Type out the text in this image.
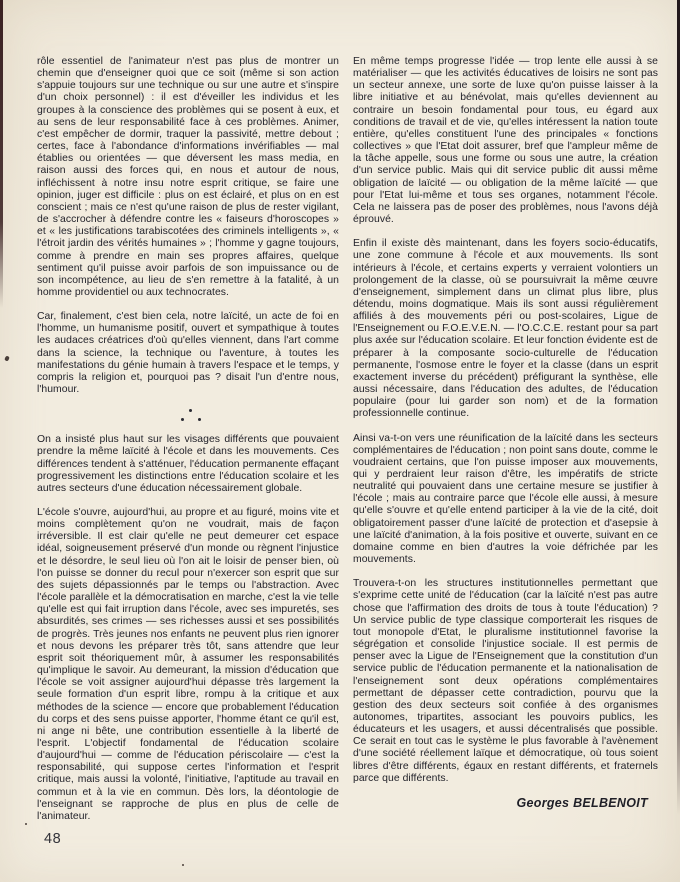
rôle essentiel de l'animateur n'est pas plus de montrer un chemin que d'enseigner quoi que ce soit (même si son action s'appuie toujours sur une technique ou sur une autre et s'inspire d'un choix personnel) : il est d'éveiller les individus et les groupes à la conscience des problèmes qui se posent à eux, et au sens de leur responsabilité face à ces problèmes. Animer, c'est empêcher de dormir, traquer la passivité, mettre debout ; certes, face à l'abondance d'informations invérifiables — mal établies ou orientées — que déversent les mass media, en raison aussi des forces qui, en nous et autour de nous, infléchissent à notre insu notre esprit critique, se faire une opinion, juger est difficile : plus on est éclairé, et plus on en est conscient ; mais ce n'est qu'une raison de plus de rester vigilant, de s'accrocher à défendre contre les « faiseurs d'horoscopes » et « les justifications tarabiscotées des criminels intelligents », « l'étroit jardin des vérités humaines » ; l'homme y gagne toujours, comme à prendre en main ses propres affaires, quelque sentiment qu'il puisse avoir parfois de son impuissance ou de son incompétence, au lieu de s'en remettre à la fatalité, à un homme providentiel ou aux technocrates.

Car, finalement, c'est bien cela, notre laïcité, un acte de foi en l'homme, un humanisme positif, ouvert et sympathique à toutes les audaces créatrices d'où qu'elles viennent, dans l'art comme dans la science, la technique ou l'aventure, à toutes les manifestations du génie humain à travers l'espace et le temps, y compris la religion et, pourquoi pas ? disait l'un d'entre nous, l'humour.

On a insisté plus haut sur les visages différents que pouvaient prendre la même laïcité à l'école et dans les mouvements. Ces différences tendent à s'atténuer, l'éducation permanente effaçant progressivement les distinctions entre l'éducation scolaire et les autres secteurs d'une éducation nécessairement globale.

L'école s'ouvre, aujourd'hui, au propre et au figuré, moins vite et moins complètement qu'on ne voudrait, mais de façon irréversible. Il est clair qu'elle ne peut demeurer cet espace idéal, soigneusement préservé d'un monde ou règnent l'injustice et le désordre, le seul lieu où l'on ait le loisir de penser bien, où l'on puisse se donner du recul pour n'exercer son esprit que sur des sujets dépassionnés par le temps ou l'abstraction. Avec l'école parallèle et la démocratisation en marche, c'est la vie telle qu'elle est qui fait irruption dans l'école, avec ses impuretés, ses absurdités, ses crimes — ses richesses aussi et ses possibilités de progrès. Très jeunes nos enfants ne peuvent plus rien ignorer et nous devons les préparer très tôt, sans attendre que leur esprit soit théoriquement mûr, à assumer les responsabilités qu'implique le savoir. Au demeurant, la mission d'éducation que l'école se voit assigner aujourd'hui dépasse très largement la seule formation d'un esprit libre, rompu à la critique et aux méthodes de la science — encore que probablement l'éducation du corps et des sens puisse apporter, l'homme étant ce qu'il est, ni ange ni bête, une contribution essentielle à la liberté de l'esprit. L'objectif fondamental de l'éducation scolaire d'aujourd'hui — comme de l'éducation périscolaire — c'est la responsabilité, qui suppose certes l'information et l'esprit critique, mais aussi la volonté, l'initiative, l'aptitude au travail en commun et à la vie en commun. Dès lors, la déontologie de l'enseignant se rapproche de plus en plus de celle de l'animateur.

En même temps progresse l'idée — trop lente elle aussi à se matérialiser — que les activités éducatives de loisirs ne sont pas un secteur annexe, une sorte de luxe qu'on puisse laisser à la libre initiative et au bénévolat, mais qu'elles deviennent au contraire un besoin fondamental pour tous, eu égard aux conditions de travail et de vie, qu'elles intéressent la nation toute entière, qu'elles constituent l'une des principales « fonctions collectives » que l'Etat doit assurer, bref que l'ampleur même de la tâche appelle, sous une forme ou sous une autre, la création d'un service public. Mais qui dit service public dit aussi même obligation de laïcité — ou obligation de la même laïcité — que pour l'Etat lui-même et tous ses organes, notamment l'école. Cela ne laissera pas de poser des problèmes, nous l'avons déjà éprouvé.

Enfin il existe dès maintenant, dans les foyers socio-éducatifs, une zone commune à l'école et aux mouvements. Ils sont intérieurs à l'école, et certains experts y verraient volontiers un prolongement de la classe, où se poursuivrait la même œuvre d'enseignement, simplement dans un climat plus libre, plus détendu, moins dogmatique. Mais ils sont aussi régulièrement affiliés à des mouvements péri ou post-scolaires, Ligue de l'Enseignement ou F.O.E.V.E.N. — l'O.C.C.E. restant pour sa part plus axée sur l'éducation scolaire. Et leur fonction évidente est de préparer à la composante socio-culturelle de l'éducation permanente, l'osmose entre le foyer et la classe (dans un esprit exactement inverse du précédent) préfigurant la synthèse, elle aussi nécessaire, dans l'éducation des adultes, de l'éducation populaire (pour lui garder son nom) et de la formation professionnelle continue.

Ainsi va-t-on vers une réunification de la laïcité dans les secteurs complémentaires de l'éducation ; non point sans doute, comme le voudraient certains, que l'on puisse imposer aux mouvements, qui y perdraient leur raison d'être, les impératifs de stricte neutralité qui pouvaient dans une certaine mesure se justifier à l'école ; mais au contraire parce que l'école elle aussi, à mesure qu'elle s'ouvre et qu'elle entend participer à la vie de la cité, doit obligatoirement passer d'une laïcité de protection et d'asepsie à une laïcité d'animation, à la fois positive et ouverte, suivant en ce domaine comme en bien d'autres la voie défrichée par les mouvements.

Trouvera-t-on les structures institutionnelles permettant que s'exprime cette unité de l'éducation (car la laïcité n'est pas autre chose que l'affirmation des droits de tous à toute l'éducation) ? Un service public de type classique comporterait les risques de tout monopole d'Etat, le pluralisme institutionnel favorise la ségrégation et consolide l'injustice sociale. Il est permis de penser avec la Ligue de l'Enseignement que la constitution d'un service public de l'éducation permanente et la nationalisation de l'enseignement sont deux opérations complémentaires permettant de dépasser cette contradiction, pourvu que la gestion des deux secteurs soit confiée à des organismes autonomes, tripartites, associant les pouvoirs publics, les éducateurs et les usagers, et aussi décentralisés que possible. Ce serait en tout cas le système le plus favorable à l'avènement d'une société réellement laïque et démocratique, où tous soient libres d'être différents, égaux en restant différents, et fraternels parce que différents.

Georges BELBENOIT
48
